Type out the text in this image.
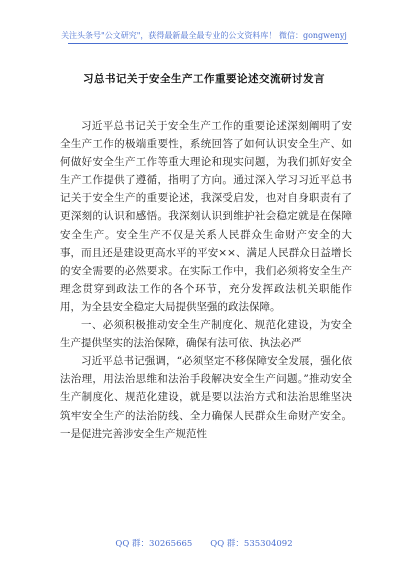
关注头条号"公文研究"，获得最新最全最专业的公文资料库！ 微信：gongwenyj
习总书记关于安全生产工作重要论述交流研讨发言

习近平总书记关于安全生产工作的重要论述深刻阐明了安全生产工作的极端重要性，系统回答了如何认识安全生产、如何做好安全生产工作等重大理论和现实问题，为我们抓好安全生产工作提供了遵循，指明了方向。通过深入学习习近平总书记关于安全生产的重要论述，我深受启发，也对自身职责有了更深刻的认识和感悟。我深刻认识到维护社会稳定就是在保障安全生产。安全生产不仅是关系人民群众生命财产安全的大事，而且还是建设更高水平的平安××、满足人民群众日益增长的安全需要的必然要求。在实际工作中，我们必须将安全生产理念贯穿到政法工作的各个环节，充分发挥政法机关职能作用，为全县安全稳定大局提供坚强的政法保障。

一、必须积极推动安全生产制度化、规范化建设，为安全生产提供坚实的法治保障，确保有法可依、执法必严

习近平总书记强调，“必须坚定不移保障安全发展，强化依法治理，用法治思维和法治手段解决安全生产问题。”推动安全生产制度化、规范化建设，就是要以法治方式和法治思维坚决筑牢安全生产的法治防线、全力确保人民群众生命财产安全。一是促进完善涉安全生产规范性

QQ 群：30265665 QQ 群：535304092
